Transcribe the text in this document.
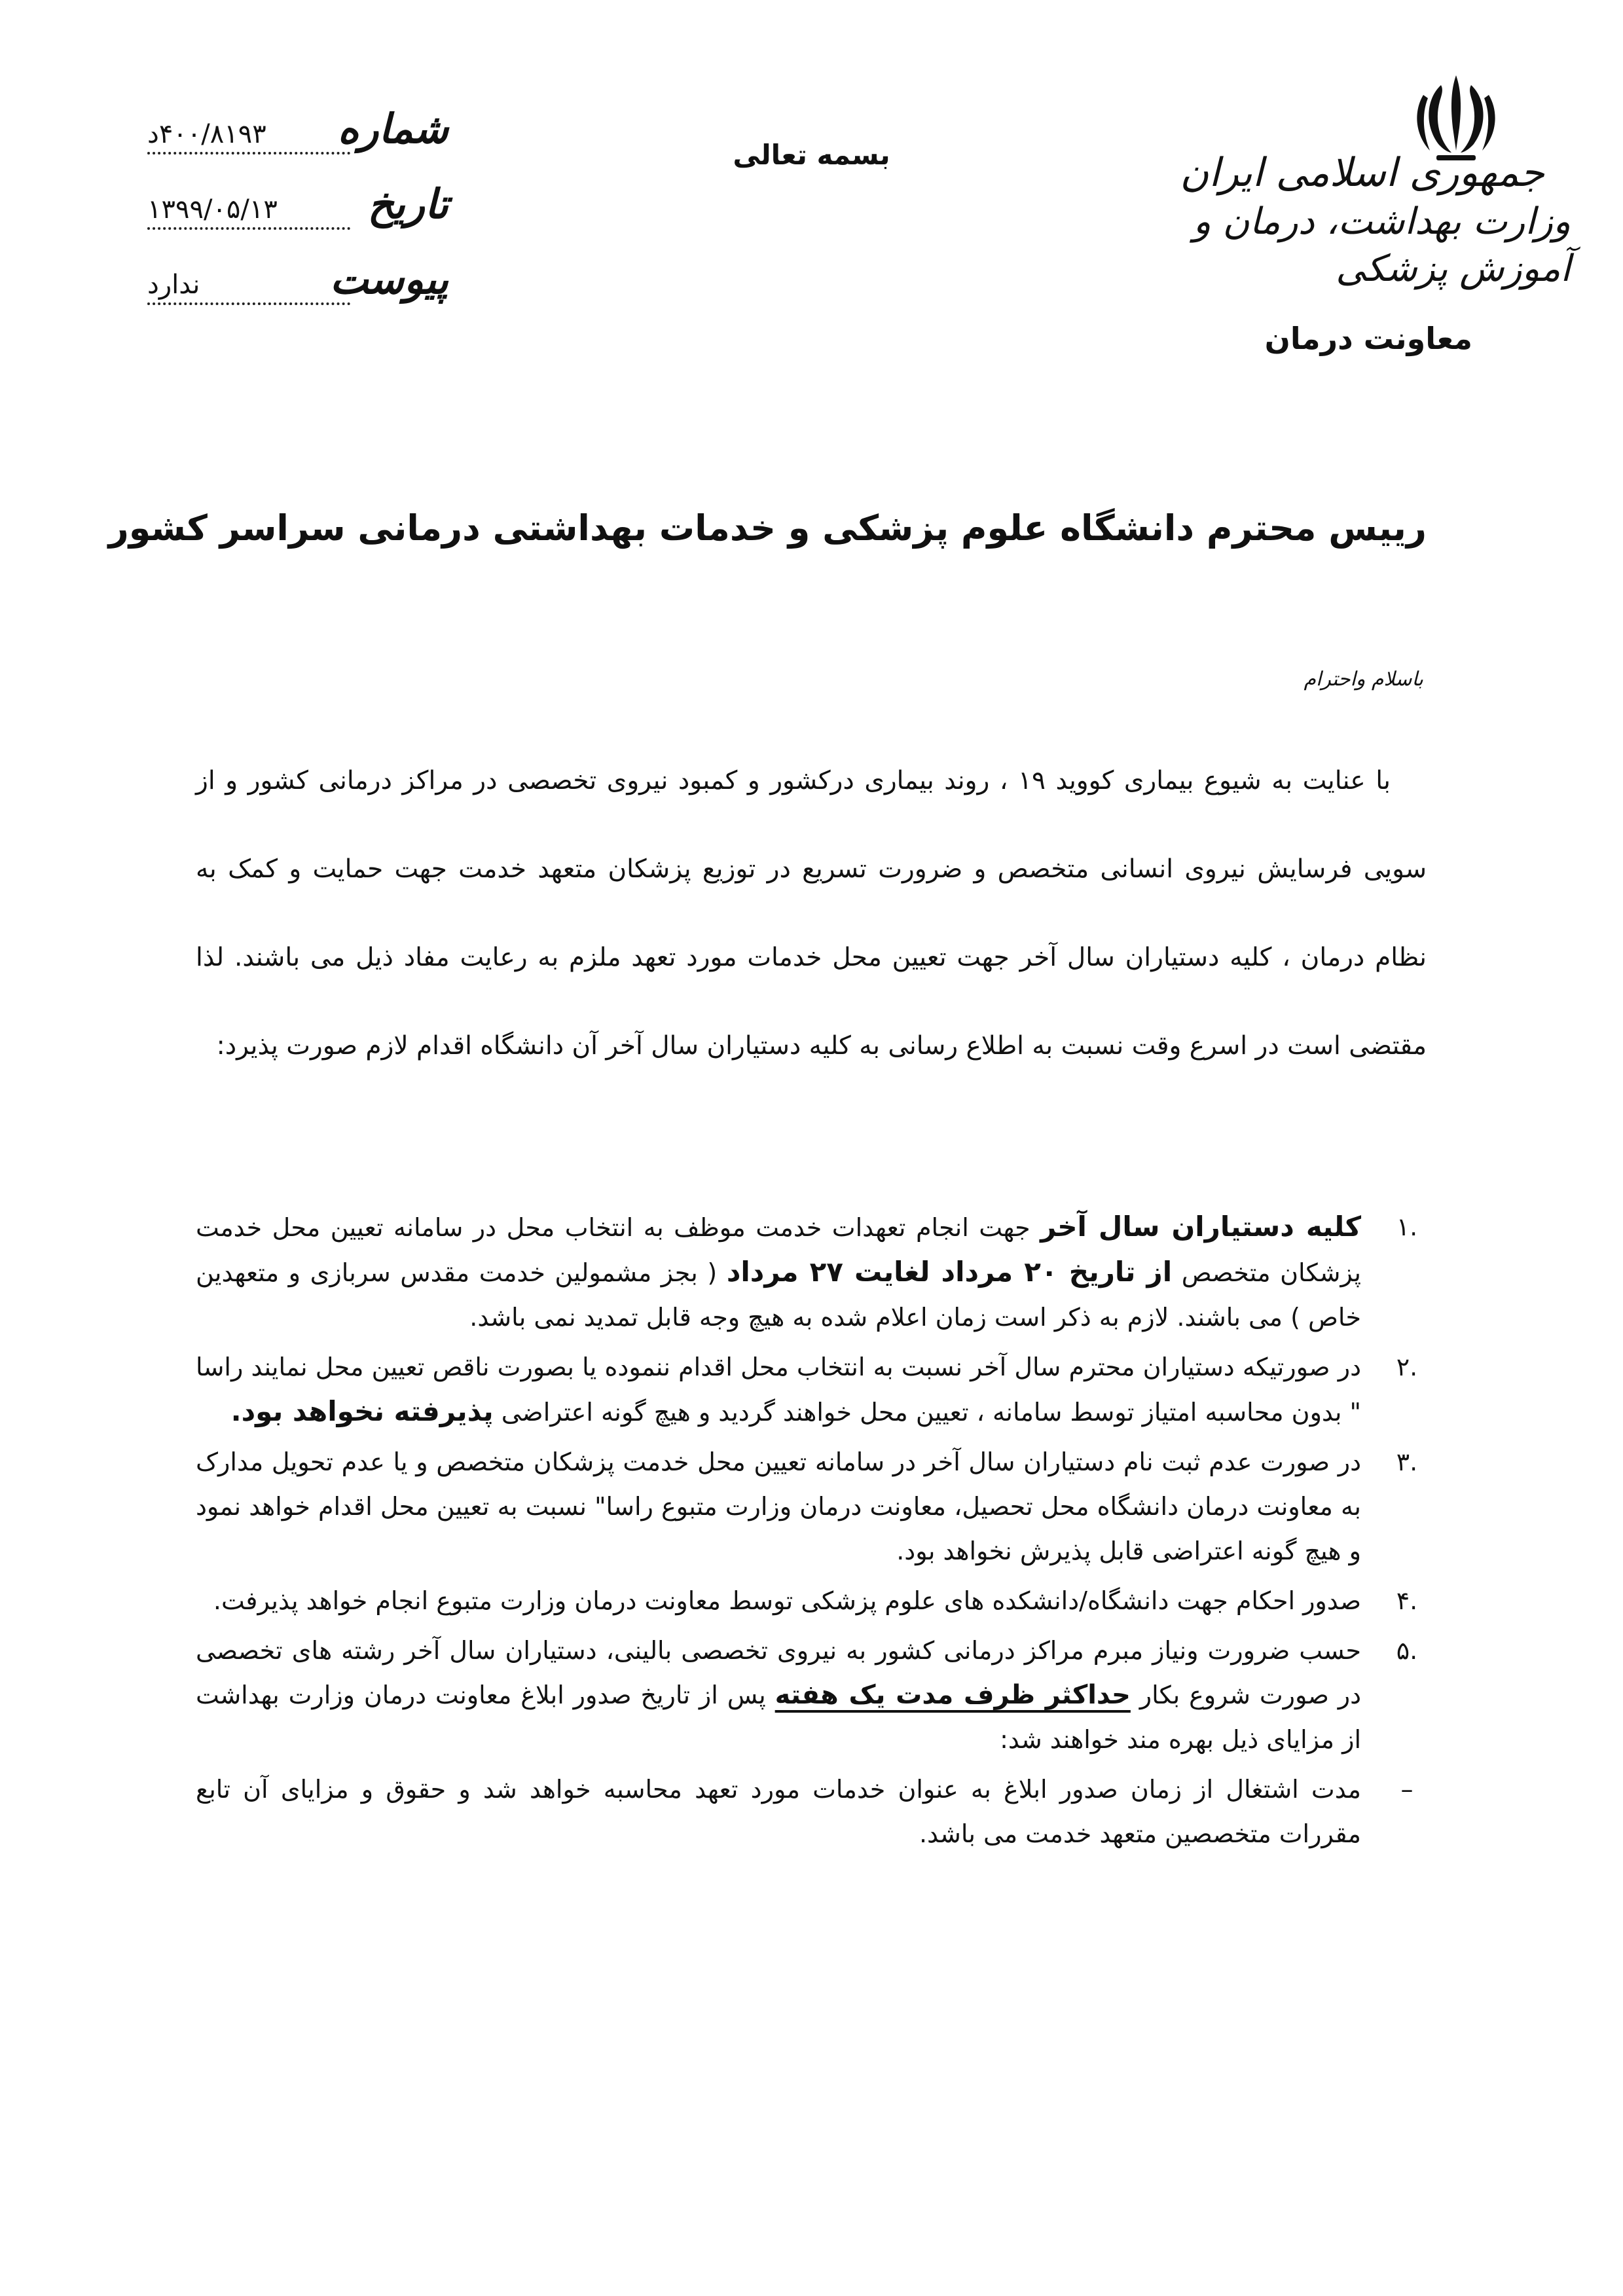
جمهوری اسلامی ایران
وزارت بهداشت، درمان و آموزش پزشکی
معاونت درمان
بسمه تعالی
شماره
۴۰۰/۸۱۹۳د
تاریخ
۱۳۹۹/۰۵/۱۳
پیوست
ندارد
ریيس محترم دانشگاه علوم پزشکی و خدمات بهداشتی درمانی سراسر کشور
باسلام واحترام

با عنایت به شیوع بیماری کووید ۱۹ ، روند بیماری درکشور و کمبود نیروی تخصصی در مراکز درمانی کشور و از سویی فرسایش نیروی انسانی متخصص و ضرورت تسریع در توزیع پزشکان متعهد خدمت جهت حمایت و کمک به نظام درمان ، کلیه دستیاران سال آخر جهت تعیین محل خدمات مورد تعهد ملزم به رعایت مفاد ذیل می باشند. لذا مقتضی است در اسرع وقت نسبت به اطلاع رسانی به کلیه دستیاران سال آخر آن دانشگاه اقدام لازم صورت پذیرد:

.۱
کلیه دستیاران سال آخر جهت انجام تعهدات خدمت موظف به انتخاب محل در سامانه تعیین محل خدمت پزشکان متخصص از تاریخ ۲۰ مرداد لغایت ۲۷ مرداد ( بجز مشمولین خدمت مقدس سربازی و متعهدین خاص ) می باشند. لازم به ذکر است زمان اعلام شده به هیچ وجه قابل تمدید نمی باشد.
.۲
در صورتیکه دستیاران محترم سال آخر نسبت به انتخاب محل اقدام ننموده یا بصورت ناقص تعیین محل نمایند راسا " بدون محاسبه امتیاز توسط سامانه ، تعیین محل خواهند گردید و هیچ گونه اعتراضی پذیرفته نخواهد بود.
.۳
در صورت عدم ثبت نام دستیاران سال آخر در سامانه تعیین محل خدمت پزشکان متخصص و یا عدم تحویل مدارک به معاونت درمان دانشگاه محل تحصیل، معاونت درمان وزارت متبوع راسا" نسبت به تعیین محل اقدام خواهد نمود و هیچ گونه اعتراضی قابل پذیرش نخواهد بود.
.۴
صدور احکام جهت دانشگاه/دانشکده های علوم پزشکی توسط معاونت درمان وزارت متبوع انجام خواهد پذیرفت.
.۵
حسب ضرورت ونیاز مبرم مراکز درمانی کشور به نیروی تخصصی بالینی، دستیاران سال آخر رشته های تخصصی در صورت شروع بکار حداکثر ظرف مدت یک هفته پس از تاریخ صدور ابلاغ معاونت درمان وزارت بهداشت از مزایای ذیل بهره مند خواهند شد:
–
مدت اشتغال از زمان صدور ابلاغ به عنوان خدمات مورد تعهد محاسبه خواهد شد و حقوق و مزایای آن تابع مقررات متخصصین متعهد خدمت می باشد.
